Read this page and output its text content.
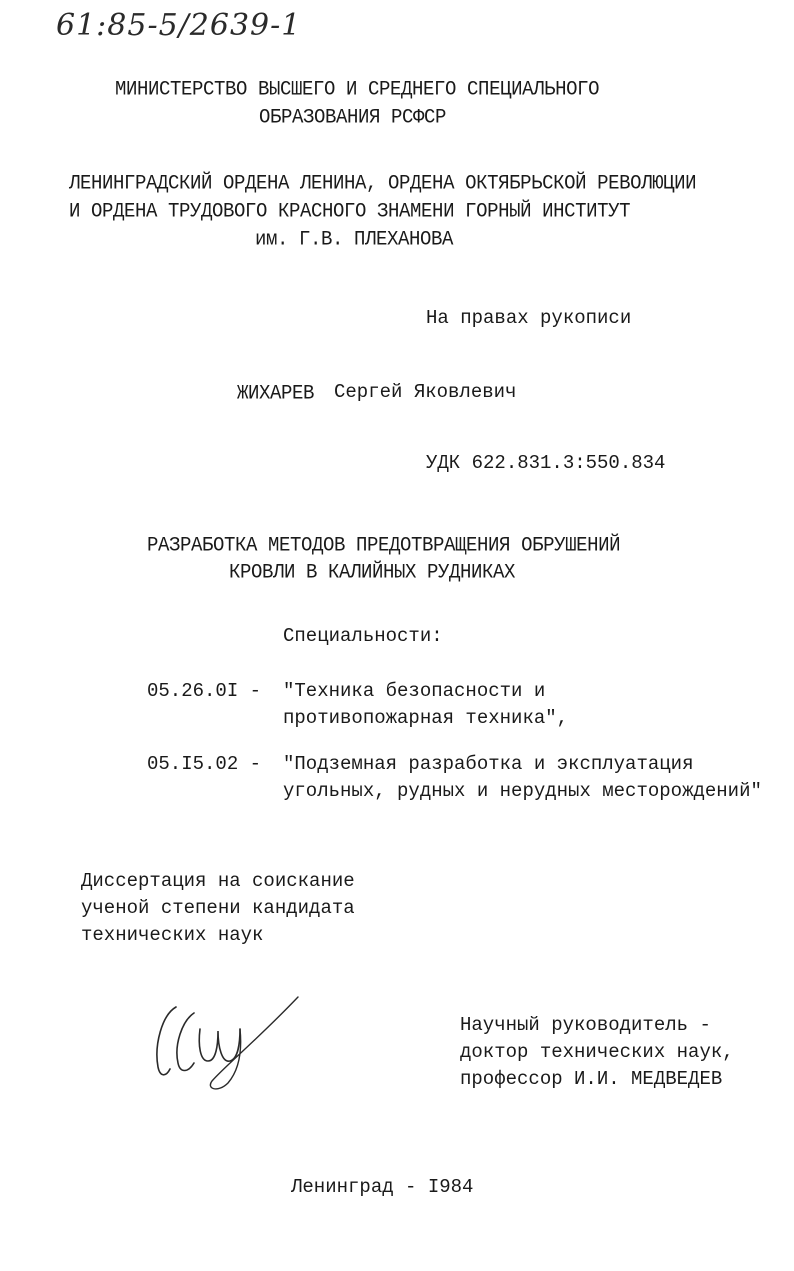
61:85-5/2639-1
МИНИСТЕРСТВО ВЫСШЕГО И СРЕДНЕГО СПЕЦИАЛЬНОГО
ОБРАЗОВАНИЯ РСФСР
ЛЕНИНГРАДСКИЙ ОРДЕНА ЛЕНИНА, ОРДЕНА ОКТЯБРЬСКОЙ РЕВОЛЮЦИИ
И ОРДЕНА ТРУДОВОГО КРАСНОГО ЗНАМЕНИ ГОРНЫЙ ИНСТИТУТ
им. Г.В. ПЛЕХАНОВА
На правах рукописи
ЖИХАРЕВ Сергей Яковлевич
УДК 622.831.3:550.834
РАЗРАБОТКА МЕТОДОВ ПРЕДОТВРАЩЕНИЯ ОБРУШЕНИЙ
КРОВЛИ В КАЛИЙНЫХ РУДНИКАХ
Специальности:
05.26.0I - "Техника безопасности и
противопожарная техника",
05.I5.02 - "Подземная разработка и эксплуатация
угольных, рудных и нерудных месторождений"
Диссертация на соискание
ученой степени кандидата
технических наук
Научный руководитель -
доктор технических наук,
профессор И.И. МЕДВЕДЕВ
Ленинград - I984
